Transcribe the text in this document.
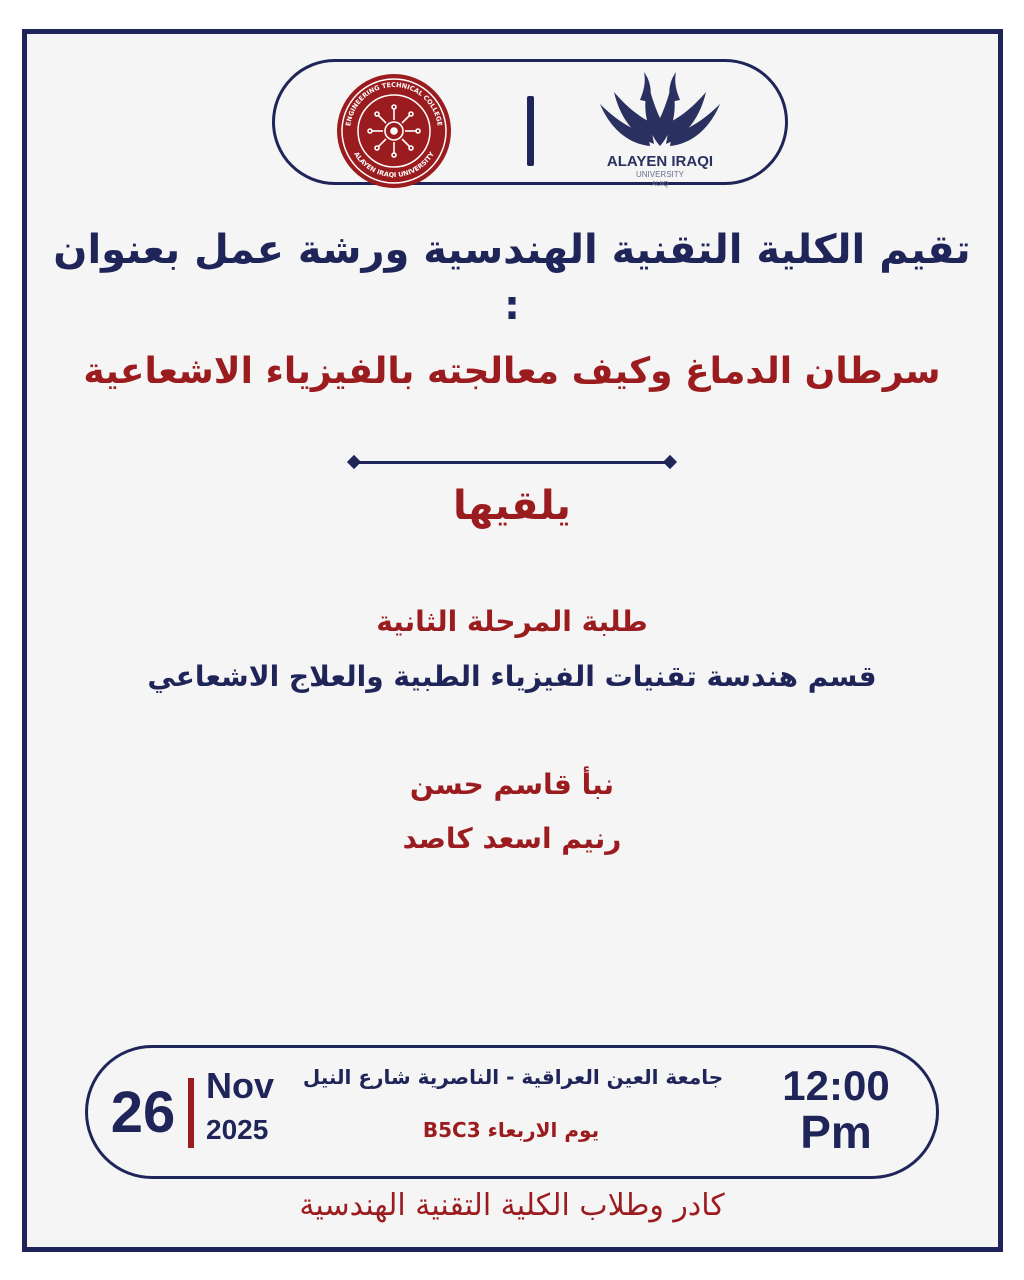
ENGINEERING TECHNICAL COLLEGE
ALAYEN IRAQI UNIVERSITY	ALAYEN IRAQI
UNIVERSITY
AUIQ
تقيم الكلية التقنية الهندسية ورشة عمل بعنوان :
سرطان الدماغ وكيف معالجته بالفيزياء الاشعاعية
يلقيها
طلبة المرحلة الثانية
قسم هندسة تقنيات الفيزياء الطبية والعلاج الاشعاعي
نبأ قاسم حسن
رنيم اسعد كاصد
26 Nov
2025
جامعة العين العراقية - الناصرية شارع النيل
يوم الاربعاء B5C3
12:00
Pm
كادر وطلاب الكلية التقنية الهندسية
